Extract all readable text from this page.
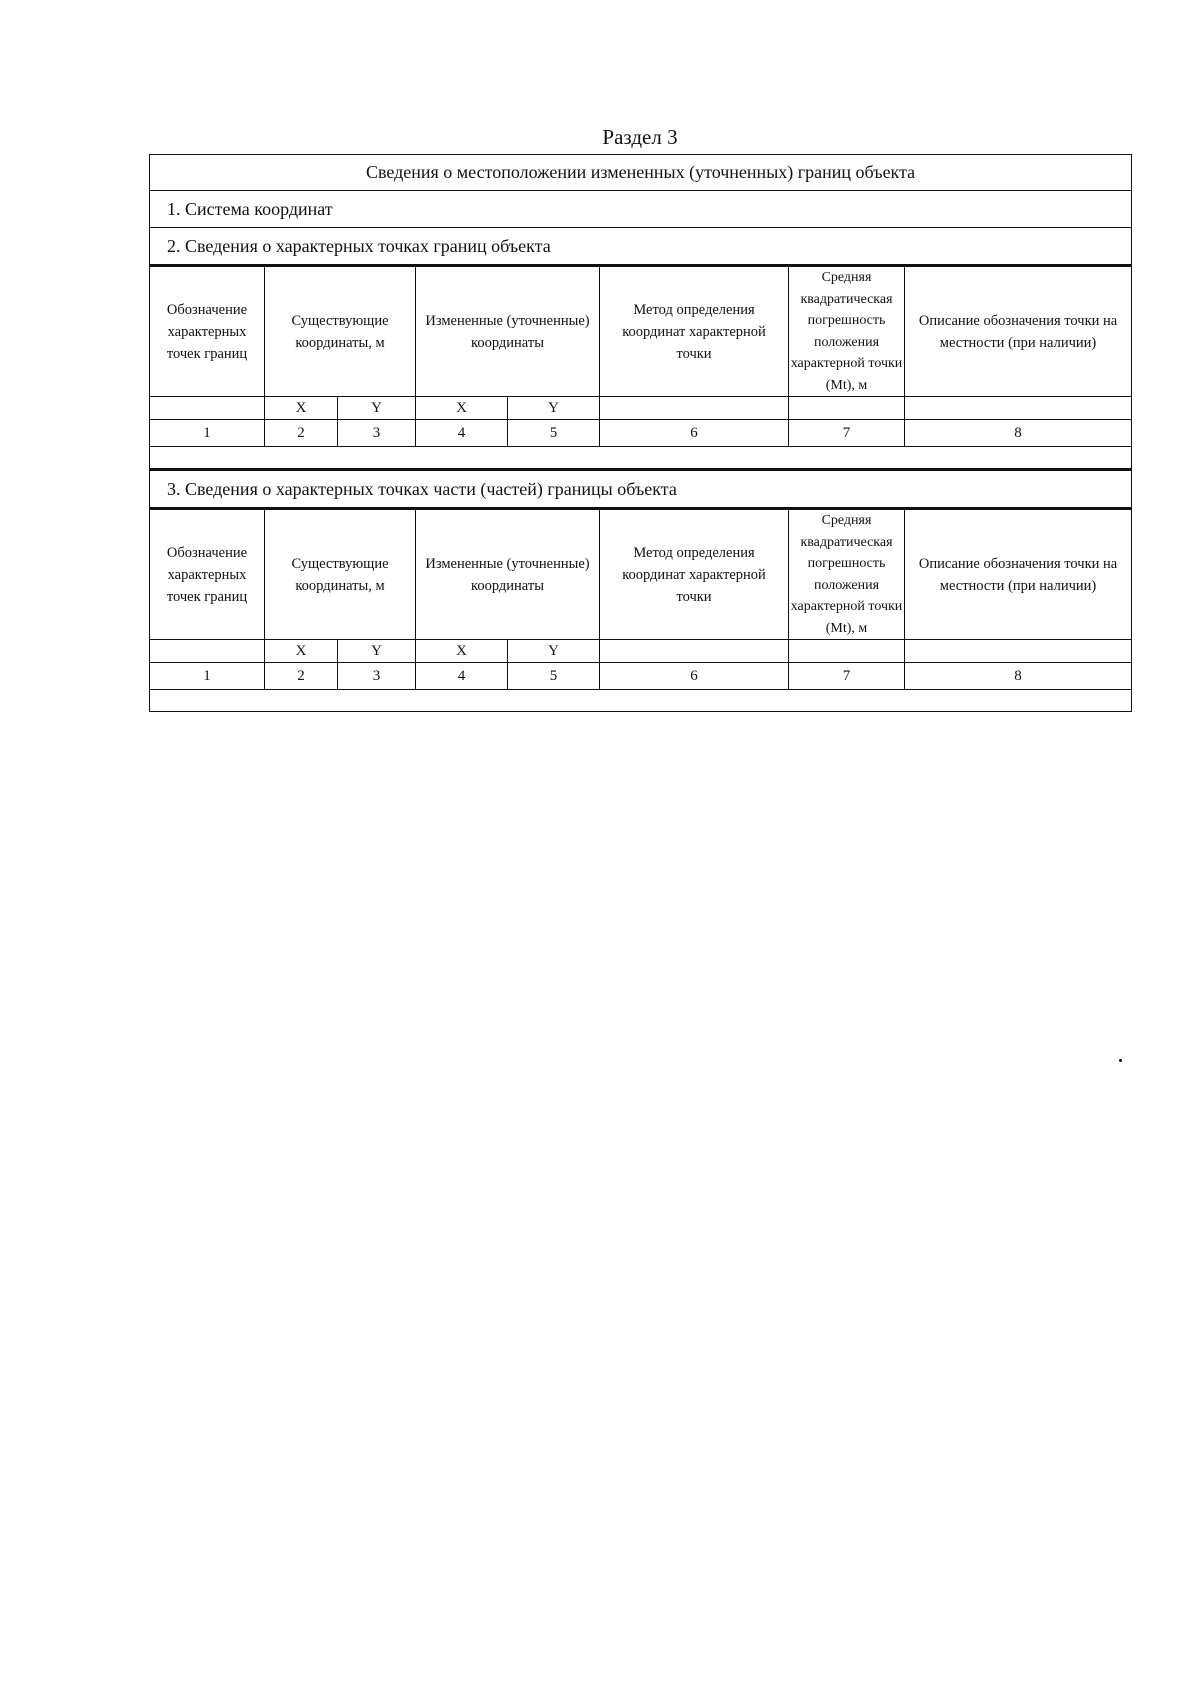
Раздел 3
Сведения о местоположении измененных (уточненных) границ объекта							
1. Система координат							
2. Сведения о характерных точках границ объекта							
Обозначение характерных точек границ	Существующие координаты, м		Измененные (уточненные) координаты		Метод определения координат характерной точки	Средняя квадратическая погрешность положения характерной точки (Mt), м	Описание обозначения точки на местности (при наличии)
	X	Y	X	Y			
1	2	3	4	5	6	7	8

3. Сведения о характерных точках части (частей) границы объекта							
Обозначение характерных точек границ	Существующие координаты, м		Измененные (уточненные) координаты		Метод определения координат характерной точки	Средняя квадратическая погрешность положения характерной точки (Mt), м	Описание обозначения точки на местности (при наличии)
	X	Y	X	Y			
1	2	3	4	5	6	7	8
